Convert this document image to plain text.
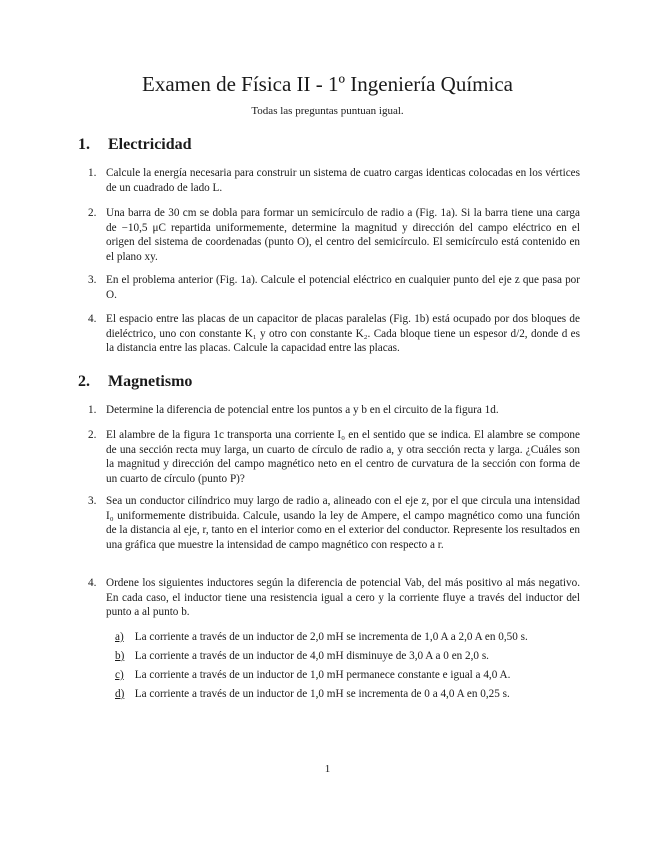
Examen de Física II - 1º Ingeniería Química
Todas las preguntas puntuan igual.
1. Electricidad
1. Calcule la energía necesaria para construir un sistema de cuatro cargas identicas colocadas en los vértices de un cuadrado de lado L.
2. Una barra de 30 cm se dobla para formar un semicírculo de radio a (Fig. 1a). Si la barra tiene una carga de −10,5 μC repartida uniformemente, determine la magnitud y dirección del campo eléctrico en el origen del sistema de coordenadas (punto O), el centro del semicírculo. El semicírculo está contenido en el plano xy.
3. En el problema anterior (Fig. 1a). Calcule el potencial eléctrico en cualquier punto del eje z que pasa por O.
4. El espacio entre las placas de un capacitor de placas paralelas (Fig. 1b) está ocupado por dos bloques de dieléctrico, uno con constante K₁ y otro con constante K₂. Cada bloque tiene un espesor d/2, donde d es la distancia entre las placas. Calcule la capacidad entre las placas.
2. Magnetismo
1. Determine la diferencia de potencial entre los puntos a y b en el circuito de la figura 1d.
2. El alambre de la figura 1c transporta una corriente I₀ en el sentido que se indica. El alambre se compone de una sección recta muy larga, un cuarto de círculo de radio a, y otra sección recta y larga. ¿Cuáles son la magnitud y dirección del campo magnético neto en el centro de curvatura de la sección con forma de un cuarto de círculo (punto P)?
3. Sea un conductor cilíndrico muy largo de radio a, alineado con el eje z, por el que circula una intensidad I₀ uniformemente distribuida. Calcule, usando la ley de Ampere, el campo magnético como una función de la distancia al eje, r, tanto en el interior como en el exterior del conductor. Represente los resultados en una gráfica que muestre la intensidad de campo magnético con respecto a r.
4. Ordene los siguientes inductores según la diferencia de potencial Vab, del más positivo al más negativo. En cada caso, el inductor tiene una resistencia igual a cero y la corriente fluye a través del inductor del punto a al punto b.
a) La corriente a través de un inductor de 2,0 mH se incrementa de 1,0 A a 2,0 A en 0,50 s.
b) La corriente a través de un inductor de 4,0 mH disminuye de 3,0 A a 0 en 2,0 s.
c) La corriente a través de un inductor de 1,0 mH permanece constante e igual a 4,0 A.
d) La corriente a través de un inductor de 1,0 mH se incrementa de 0 a 4,0 A en 0,25 s.
1
